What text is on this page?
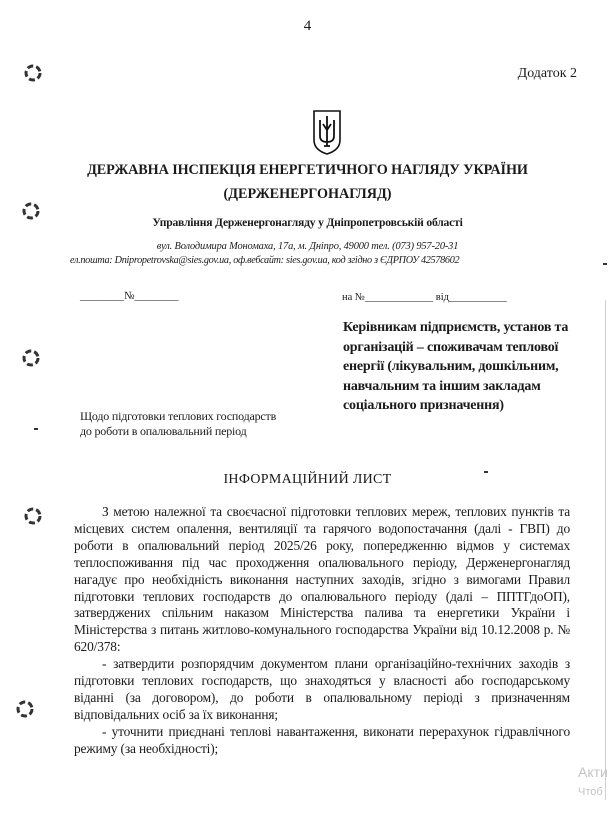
4
Додаток 2
ДЕРЖАВНА ІНСПЕКЦІЯ ЕНЕРГЕТИЧНОГО НАГЛЯДУ УКРАЇНИ
(ДЕРЖЕНЕРГОНАГЛЯД)
Управління Держенергонагляду у Дніпропетровській області
вул. Володимира Мономаха, 17а, м. Дніпро, 49000 тел. (073) 957-20-31
ел.пошта: Dnipropetrovska@sies.gov.ua, оф.вебсайт: sies.gov.ua, код згідно з ЄДРПОУ 42578602
________№________	на №_____________ від___________
Керівникам підприємств, установ та організацій – споживачам теплової енергії (лікувальним, дошкільним, навчальним та іншим закладам соціального призначення)
Щодо підготовки теплових господарств до роботи в опалювальний період
ІНФОРМАЦІЙНИЙ ЛИСТ

З метою належної та своєчасної підготовки теплових мереж, теплових пунктів та місцевих систем опалення, вентиляції та гарячого водопостачання (далі - ГВП) до роботи в опалювальний період 2025/26 року, попередженню відмов у системах теплоспоживання під час проходження опалювального періоду, Держенергонагляд нагадує про необхідність виконання наступних заходів, згідно з вимогами Правил підготовки теплових господарств до опалювального періоду (далі – ППТГдоОП), затверджених спільним наказом Міністерства палива та енергетики України і Міністерства з питань житлово-комунального господарства України від 10.12.2008 р. № 620/378:

- затвердити розпорядчим документом плани організаційно-технічних заходів з підготовки теплових господарств, що знаходяться у власності або господарському віданні (за договором), до роботи в опалювальному періоді з призначенням відповідальних осіб за їх виконання;

- уточнити приєднані теплові навантаження, виконати перерахунок гідравлічного режиму (за необхідності);

Акти
Чтоб
